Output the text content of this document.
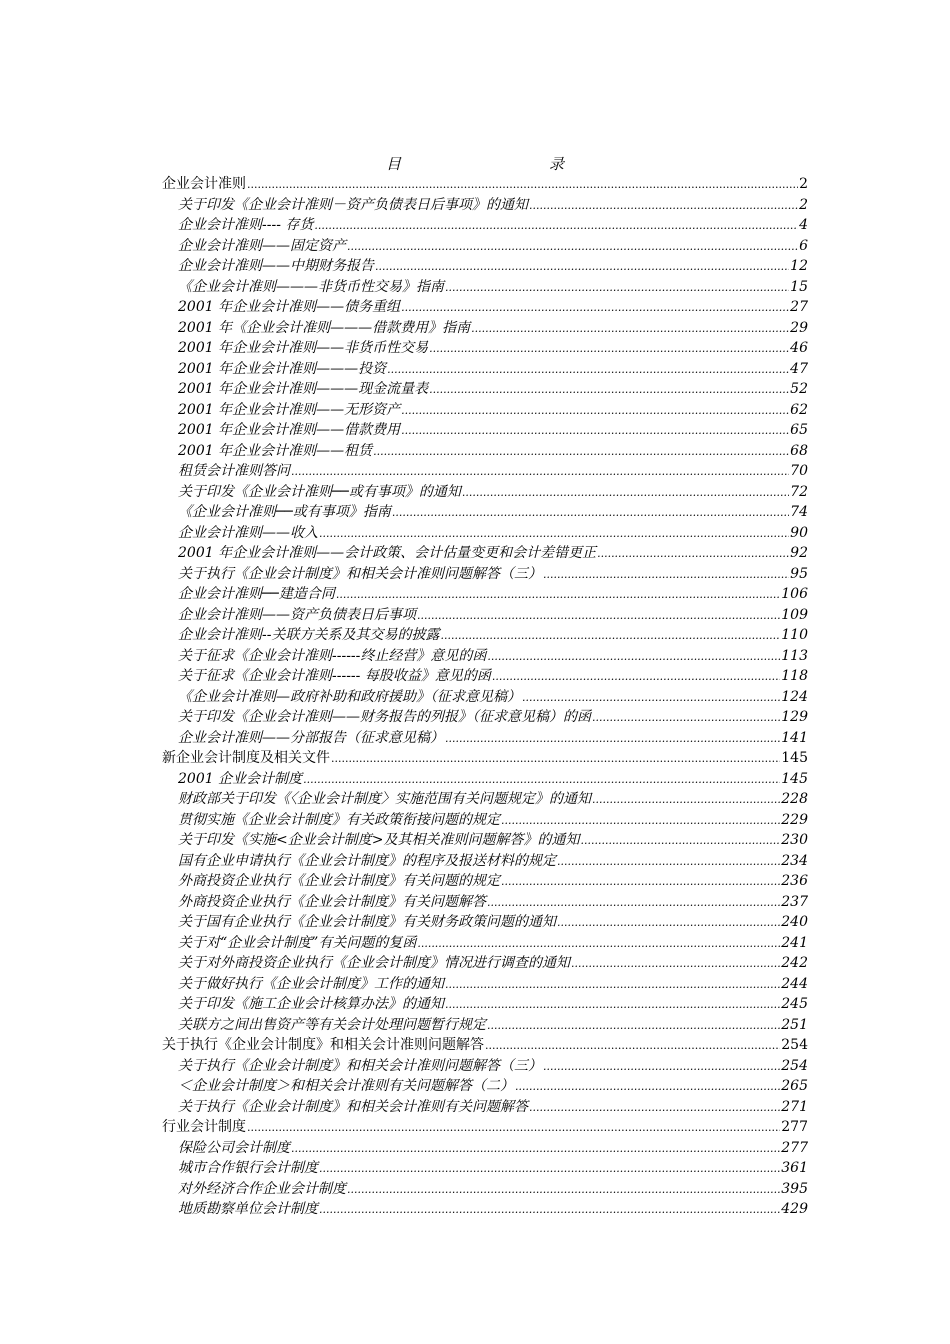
目	录
企业会计准则 .....	2
关于印发《企业会计准则－资产负债表日后事项》的通知 .....	2
企业会计准则---- 存货 .....	4
企业会计准则——固定资产 .....	6
企业会计准则——中期财务报告 .....	12
《企业会计准则———非货币性交易》指南 .....	15
2001 年企业会计准则——债务重组 .....	27
2001 年《企业会计准则———借款费用》指南 .....	29
2001 年企业会计准则——非货币性交易 .....	46
2001 年企业会计准则———投资 .....	47
2001 年企业会计准则———现金流量表 .....	52
2001 年企业会计准则——无形资产 .....	62
2001 年企业会计准则——借款费用 .....	65
2001 年企业会计准则——租赁 .....	68
租赁会计准则答问 .....	70
关于印发《企业会计准则──或有事项》的通知 .....	72
《企业会计准则──或有事项》指南 .....	74
企业会计准则——收入 .....	90
2001 年企业会计准则——会计政策、会计估量变更和会计差错更正 .....	92
关于执行《企业会计制度》和相关会计准则问题解答（三） .....	95
企业会计准则──建造合同 .....	106
企业会计准则——资产负债表日后事项 .....	109
企业会计准则--关联方关系及其交易的披露 .....	110
关于征求《企业会计准则------终止经营》意见的函 .....	113
关于征求《企业会计准则------ 每股收益》意见的函 .....	118
《企业会计准则—政府补助和政府援助》（征求意见稿） .....	124
关于印发《企业会计准则——财务报告的列报》（征求意见稿）的函 .....	129
企业会计准则——分部报告（征求意见稿） .....	141
新企业会计制度及相关文件 .....	145
2001 企业会计制度 .....	145
财政部关于印发《〈企业会计制度〉实施范围有关问题规定》的通知 .....	228
贯彻实施《企业会计制度》有关政策衔接问题的规定 .....	229
关于印发《实施<企业会计制度>及其相关准则问题解答》的通知 .....	230
国有企业申请执行《企业会计制度》的程序及报送材料的规定 .....	234
外商投资企业执行《企业会计制度》有关问题的规定 .....	236
外商投资企业执行《企业会计制度》有关问题解答 .....	237
关于国有企业执行《企业会计制度》有关财务政策问题的通知 .....	240
关于对“企业会计制度”有关问题的复函 .....	241
关于对外商投资企业执行《企业会计制度》情况进行调查的通知 .....	242
关于做好执行《企业会计制度》工作的通知 .....	244
关于印发《施工企业会计核算办法》的通知 .....	245
关联方之间出售资产等有关会计处理问题暂行规定 .....	251
关于执行《企业会计制度》和相关会计准则问题解答 .....	254
关于执行《企业会计制度》和相关会计准则问题解答（三） .....	254
＜企业会计制度＞和相关会计准则有关问题解答（二） .....	265
关于执行《企业会计制度》和相关会计准则有关问题解答 .....	271
行业会计制度 .....	277
保险公司会计制度 .....	277
城市合作银行会计制度 .....	361
对外经济合作企业会计制度 .....	395
地质勘察单位会计制度 .....	429
